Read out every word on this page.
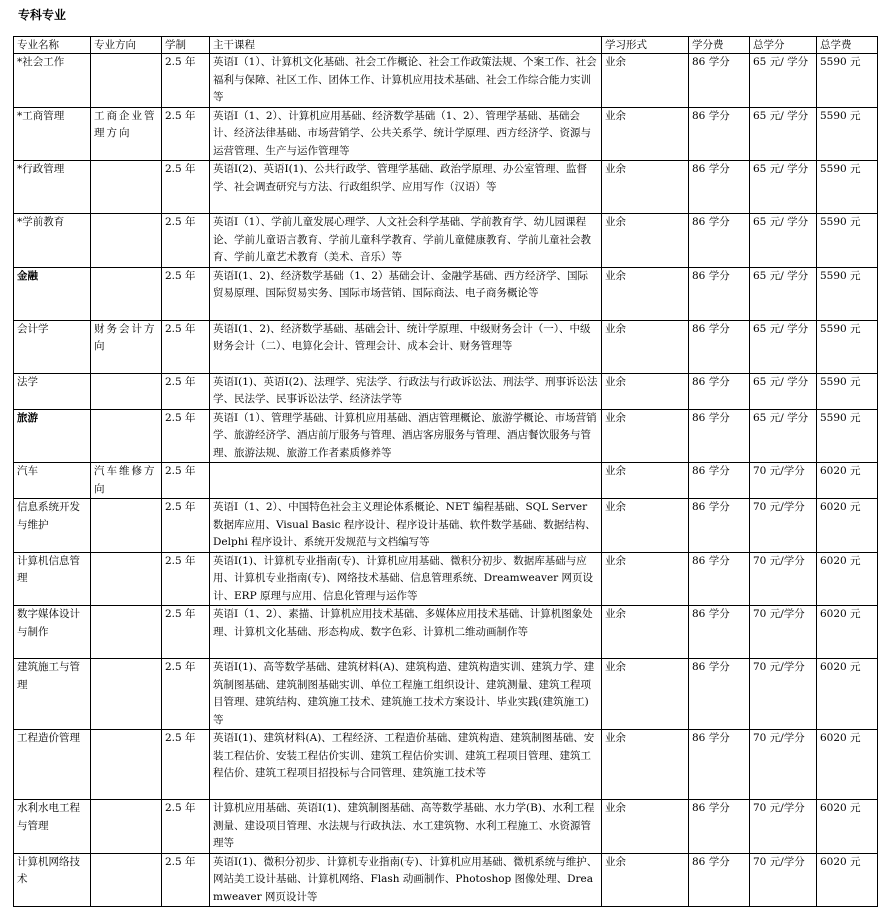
专科专业
专业名称	专业方向	学制	主干课程	学习形式	学分费	总学分	总学费
*社会工作		2.5 年	英语Ⅰ（1）、计算机文化基础、社会工作概论、社会工作政策法规、个案工作、社会福利与保障、社区工作、团体工作、计算机应用技术基础、社会工作综合能力实训等	业余	86 学分	65 元/ 学分	5590 元
*工商管理	工商企业管理方向	2.5 年	英语Ⅰ（1、2）、计算机应用基础、经济数学基础（1、2）、管理学基础、基础会计、经济法律基础、市场营销学、公共关系学、统计学原理、西方经济学、资源与运营管理、生产与运作管理等	业余	86 学分	65 元/ 学分	5590 元
*行政管理		2.5 年	英语Ⅰ(2)、英语Ⅰ(1)、公共行政学、管理学基础、政治学原理、办公室管理、监督学、社会调查研究与方法、行政组织学、应用写作（汉语）等	业余	86 学分	65 元/ 学分	5590 元
*学前教育		2.5 年	英语Ⅰ（1）、学前儿童发展心理学、人文社会科学基础、学前教育学、幼儿园课程论、学前儿童语言教育、学前儿童科学教育、学前儿童健康教育、学前儿童社会教育、学前儿童艺术教育（美术、音乐）等	业余	86 学分	65 元/ 学分	5590 元
金融		2.5 年	英语Ⅰ(1、2)、经济数学基础（1、2）基础会计、金融学基础、西方经济学、国际贸易原理、国际贸易实务、国际市场营销、国际商法、电子商务概论等	业余	86 学分	65 元/ 学分	5590 元
会计学	财务会计方向	2.5 年	英语Ⅰ(1、2)、经济数学基础、基础会计、统计学原理、中级财务会计（一）、中级财务会计（二）、电算化会计、管理会计、成本会计、财务管理等	业余	86 学分	65 元/ 学分	5590 元
法学		2.5 年	英语Ⅰ(1)、英语Ⅰ(2)、法理学、宪法学、行政法与行政诉讼法、刑法学、刑事诉讼法学、民法学、民事诉讼法学、经济法学等	业余	86 学分	65 元/ 学分	5590 元
旅游		2.5 年	英语Ⅰ（1）、管理学基础、计算机应用基础、酒店管理概论、旅游学概论、市场营销学、旅游经济学、酒店前厅服务与管理、酒店客房服务与管理、酒店餐饮服务与管理、旅游法规、旅游工作者素质修养等	业余	86 学分	65 元/ 学分	5590 元
汽车	汽车维修方向	2.5 年		业余	86 学分	70 元/学分	6020 元
信息系统开发与维护		2.5 年	英语Ⅰ（1、2）、中国特色社会主义理论体系概论、NET 编程基础、SQL Server 数据库应用、Visual Basic 程序设计、程序设计基础、软件数学基础、数据结构、Delphi 程序设计、系统开发规范与文档编写等	业余	86 学分	70 元/学分	6020 元
计算机信息管理		2.5 年	英语Ⅰ(1)、计算机专业指南(专)、计算机应用基础、微积分初步、数据库基础与应用、计算机专业指南(专)、网络技术基础、信息管理系统、Dreamweaver 网页设计、ERP 原理与应用、信息化管理与运作等	业余	86 学分	70 元/学分	6020 元
数字媒体设计与制作		2.5 年	英语Ⅰ（1、2）、素描、计算机应用技术基础、多媒体应用技术基础、计算机图象处理、计算机文化基础、形态构成、数字色彩、计算机二维动画制作等	业余	86 学分	70 元/学分	6020 元
建筑施工与管理		2.5 年	英语Ⅰ(1)、高等数学基础、建筑材料(A)、建筑构造、建筑构造实训、建筑力学、建筑制图基础、建筑制图基础实训、单位工程施工组织设计、建筑测量、建筑工程项目管理、建筑结构、建筑施工技术、建筑施工技术方案设计、毕业实践(建筑施工)等	业余	86 学分	70 元/学分	6020 元
工程造价管理		2.5 年	英语Ⅰ(1)、建筑材料(A)、工程经济、工程造价基础、建筑构造、建筑制图基础、安装工程估价、安装工程估价实训、建筑工程估价实训、建筑工程项目管理、建筑工程估价、建筑工程项目招投标与合同管理、建筑施工技术等	业余	86 学分	70 元/学分	6020 元
水利水电工程与管理		2.5 年	计算机应用基础、英语Ⅰ(1)、建筑制图基础、高等数学基础、水力学(B)、水利工程测量、建设项目管理、水法规与行政执法、水工建筑物、水利工程施工、水资源管理等	业余	86 学分	70 元/学分	6020 元
计算机网络技术		2.5 年	英语Ⅰ(1)、微积分初步、计算机专业指南(专)、计算机应用基础、微机系统与维护、网站美工设计基础、计算机网络、Flash 动画制作、Photoshop 图像处理、Dreamweaver 网页设计等	业余	86 学分	70 元/学分	6020 元
